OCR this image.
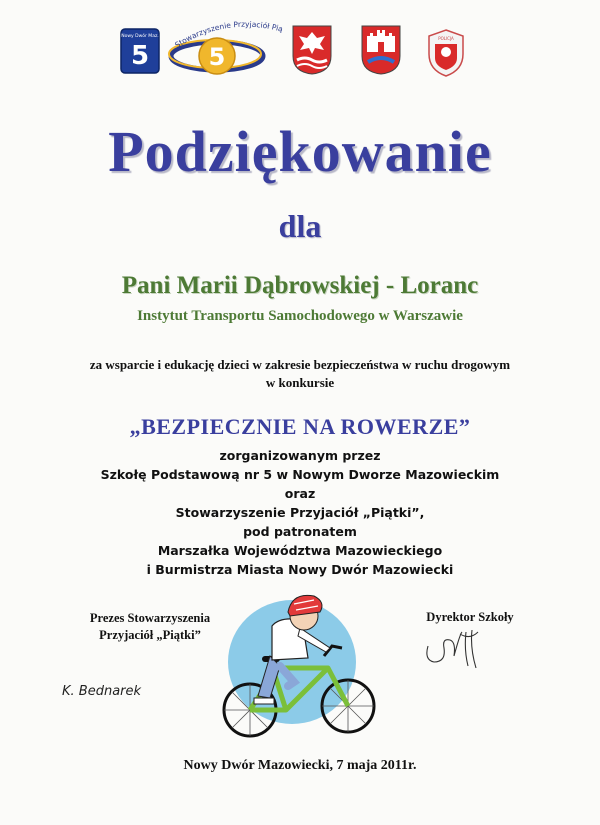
Nowy Dwór Maz.
5 5
Stowarzyszenie Przyjaciół Pią
POLICJA
Podziękowanie
dla
Pani Marii Dąbrowskiej - Loranc
Instytut Transportu Samochodowego w Warszawie
za wsparcie i edukację dzieci w zakresie bezpieczeństwa w ruchu drogowym
w konkursie
„BEZPIECZNIE NA ROWERZE”
zorganizowanym przez
Szkołę Podstawową nr 5 w Nowym Dworze Mazowieckim
oraz
Stowarzyszenie Przyjaciół „Piątki”,
pod patronatem
Marszałka Województwa Mazowieckiego
i Burmistrza Miasta Nowy Dwór Mazowiecki
Prezes Stowarzyszenia
Przyjaciół „Piątki”
K. Bednarek
Dyrektor Szkoły
Nowy Dwór Mazowiecki, 7 maja 2011r.
